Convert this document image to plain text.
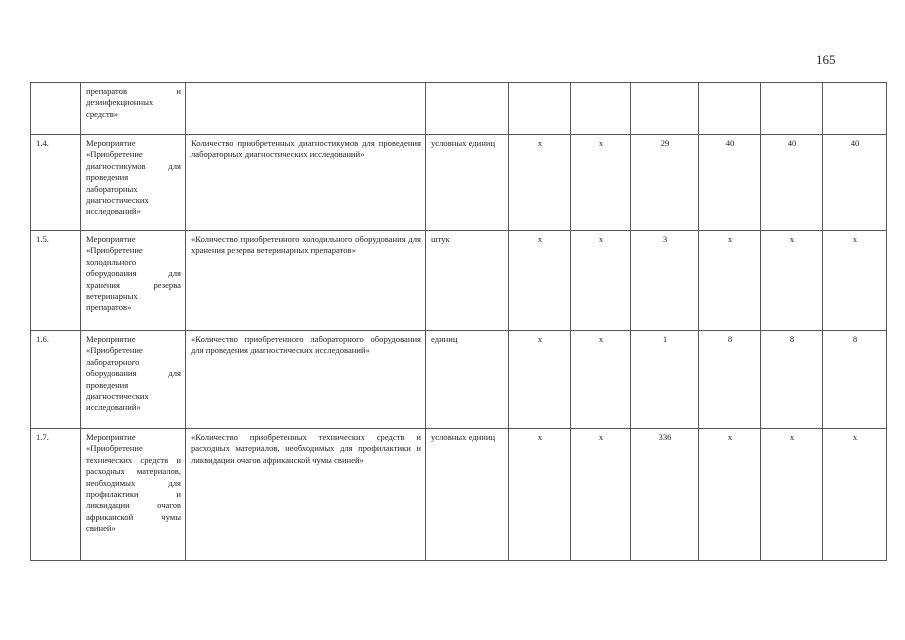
165
	препаратов и дезинфекционных средств»								
1.4.	Мероприятие «Приобретение диагностикумов для проведения лабораторных диагностических исследований»	Количество приобретенных диагностикумов для проведения лабораторных диагностических исследований»	условных единиц	х	х	29	40	40	40
1.5.	Мероприятие «Приобретение холодильного оборудования для хранения резерва ветеринарных препаратов»	«Количество приобретенного холодильного оборудования для хранения резерва ветеринарных препаратов»	штук	х	х	3	х	х	х
1.6.	Мероприятие «Приобретение лабораторного оборудования для проведения диагностических исследований»	«Количество приобретенного лабораторного оборудования для проведения диагностических исследований»	единиц	х	х	1	8	8	8
1.7.	Мероприятие «Приобретение технических средств и расходных материалов, необходимых для профилактики и ликвидации очагов африканской чумы свиней»	«Количество приобретенных технических средств и расходных материалов, необходимых для профилактики и ликвидации очагов африканской чумы свиней»	условных единиц	х	х	336	х	х	х
